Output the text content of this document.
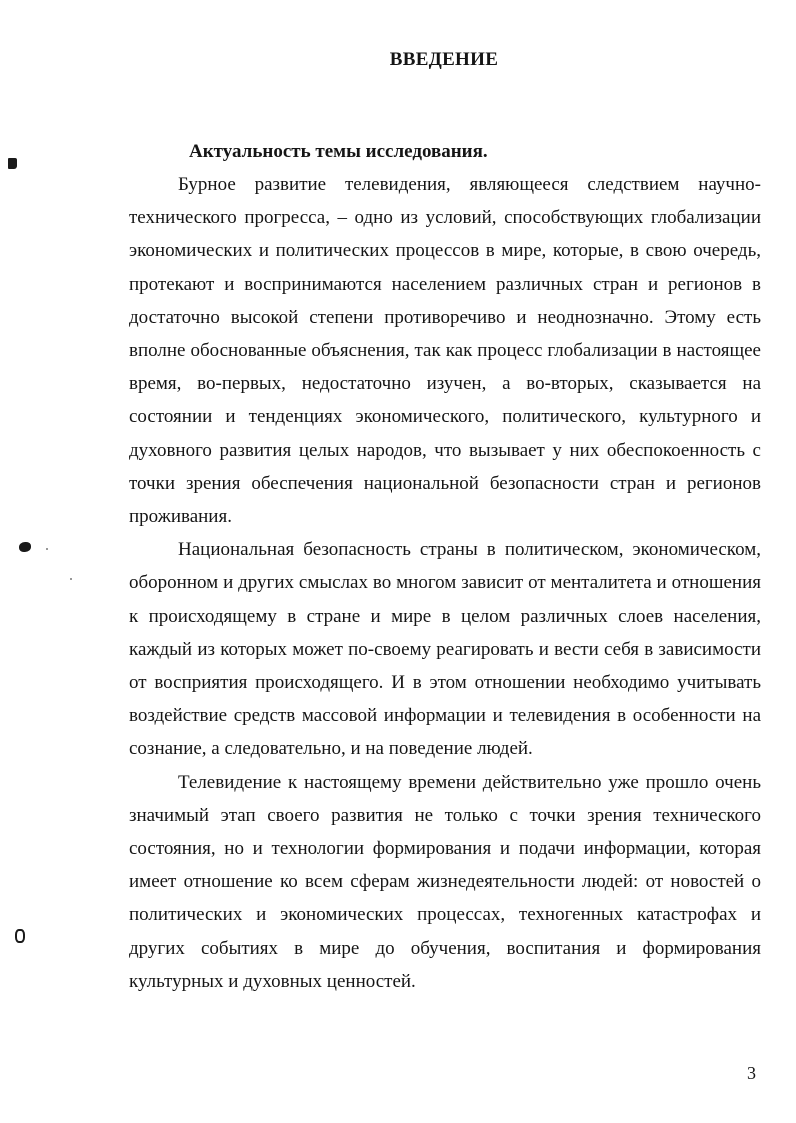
ВВЕДЕНИЕ
Актуальность темы исследования.

Бурное развитие телевидения, являющееся следствием научно-технического прогресса, – одно из условий, способствующих глобализации экономических и политических процессов в мире, которые, в свою очередь, протекают и воспринимаются населением различных стран и регионов в достаточно высокой степени противоречиво и неоднозначно. Этому есть вполне обоснованные объяснения, так как процесс глобализации в настоящее время, во-первых, недостаточно изучен, а во-вторых, сказывается на состоянии и тенденциях экономического, политического, культурного и духовного развития целых народов, что вызывает у них обеспокоенность с точки зрения обеспечения национальной безопасности стран и регионов проживания.

Национальная безопасность страны в политическом, экономическом, оборонном и других смыслах во многом зависит от менталитета и отношения к происходящему в стране и мире в целом различных слоев населения, каждый из которых может по-своему реагировать и вести себя в зависимости от восприятия происходящего. И в этом отношении необходимо учитывать воздействие средств массовой информации и телевидения в особенности на сознание, а следовательно, и на поведение людей.

Телевидение к настоящему времени действительно уже прошло очень значимый этап своего развития не только с точки зрения технического состояния, но и технологии формирования и подачи информации, которая имеет отношение ко всем сферам жизнедеятельности людей: от новостей о политических и экономических процессах, техногенных катастрофах и других событиях в мире до обучения, воспитания и формирования культурных и духовных ценностей.

3
